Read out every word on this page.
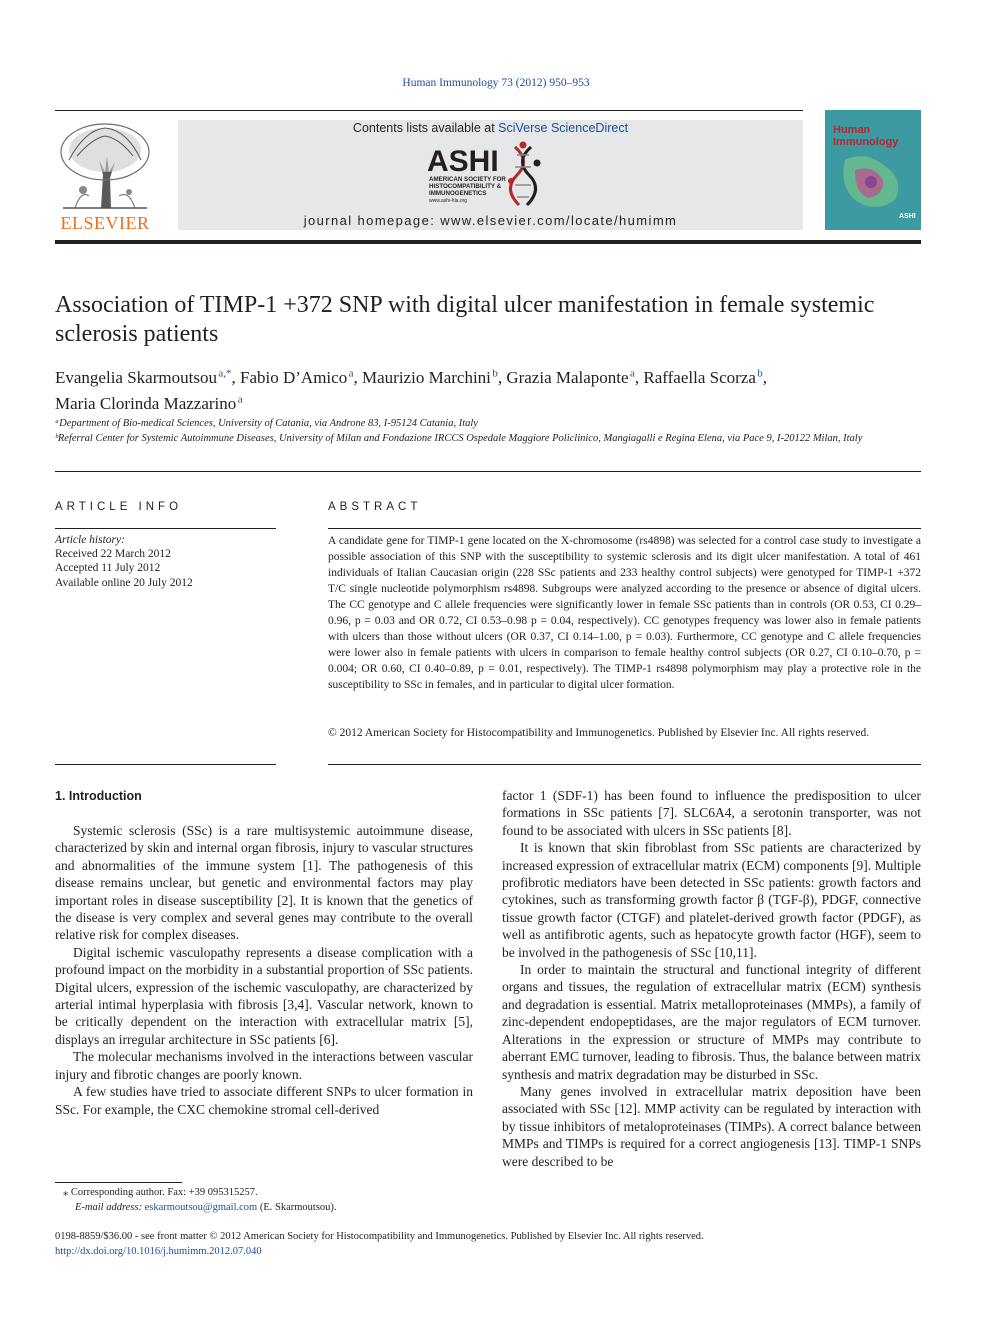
Human Immunology 73 (2012) 950–953
ELSEVIER
Contents lists available at SciVerse ScienceDirect
ASHI
AMERICAN SOCIETY FOR
HISTOCOMPATIBILITY &
IMMUNOGENETICS
www.ashi-hla.org
journal homepage: www.elsevier.com/locate/humimm
Human
Immunology
ASHI
Association of TIMP-1 +372 SNP with digital ulcer manifestation in female systemic sclerosis patients
Evangelia Skarmoutsou $^{a,*}$, Fabio D’Amico $^a$, Maurizio Marchini $^b$, Grazia Malaponte $^a$, Raffaella Scorza $^b$,
Maria Clorinda Mazzarino $^a$
ᵃDepartment of Bio-medical Sciences, University of Catania, via Androne 83, I-95124 Catania, Italy
ᵇReferral Center for Systemic Autoimmune Diseases, University of Milan and Fondazione IRCCS Ospedale Maggiore Policlinico, Mangiagalli e Regina Elena, via Pace 9, I-20122 Milan, Italy
ARTICLE INFO	ABSTRACT
Article history:
Received 22 March 2012
Accepted 11 July 2012
Available online 20 July 2012
A candidate gene for TIMP-1 gene located on the X-chromosome (rs4898) was selected for a control case study to investigate a possible association of this SNP with the susceptibility to systemic sclerosis and its digit ulcer manifestation. A total of 461 individuals of Italian Caucasian origin (228 SSc patients and 233 healthy control subjects) were genotyped for TIMP-1 +372 T/C single nucleotide polymorphism rs4898. Subgroups were analyzed according to the presence or absence of digital ulcers. The CC genotype and C allele frequencies were significantly lower in female SSc patients than in controls (OR 0.53, CI 0.29–0.96, p = 0.03 and OR 0.72, CI 0.53–0.98 p = 0.04, respectively). CC genotypes frequency was lower also in female patients with ulcers than those without ulcers (OR 0.37, CI 0.14–1.00, p = 0.03). Furthermore, CC genotype and C allele frequencies were lower also in female patients with ulcers in comparison to female healthy control subjects (OR 0.27, CI 0.10–0.70, p = 0.004; OR 0.60, CI 0.40–0.89, p = 0.01, respectively). The TIMP-1 rs4898 polymorphism may play a protective role in the susceptibility to SSc in females, and in particular to digital ulcer formation.
© 2012 American Society for Histocompatibility and Immunogenetics. Published by Elsevier Inc. All rights reserved.
1. Introduction

Systemic sclerosis (SSc) is a rare multisystemic autoimmune disease, characterized by skin and internal organ fibrosis, injury to vascular structures and abnormalities of the immune system [1]. The pathogenesis of this disease remains unclear, but genetic and environmental factors may play important roles in disease susceptibility [2]. It is known that the genetics of the disease is very complex and several genes may contribute to the overall relative risk for complex diseases.

Digital ischemic vasculopathy represents a disease complication with a profound impact on the morbidity in a substantial proportion of SSc patients. Digital ulcers, expression of the ischemic vasculopathy, are characterized by arterial intimal hyperplasia with fibrosis [3,4]. Vascular network, known to be critically dependent on the interaction with extracellular matrix [5], displays an irregular architecture in SSc patients [6].

The molecular mechanisms involved in the interactions between vascular injury and fibrotic changes are poorly known.

A few studies have tried to associate different SNPs to ulcer formation in SSc. For example, the CXC chemokine stromal cell-derived

factor 1 (SDF-1) has been found to influence the predisposition to ulcer formations in SSc patients [7]. SLC6A4, a serotonin transporter, was not found to be associated with ulcers in SSc patients [8].

It is known that skin fibroblast from SSc patients are characterized by increased expression of extracellular matrix (ECM) components [9]. Multiple profibrotic mediators have been detected in SSc patients: growth factors and cytokines, such as transforming growth factor β (TGF-β), PDGF, connective tissue growth factor (CTGF) and platelet-derived growth factor (PDGF), as well as antifibrotic agents, such as hepatocyte growth factor (HGF), seem to be involved in the pathogenesis of SSc [10,11].

In order to maintain the structural and functional integrity of different organs and tissues, the regulation of extracellular matrix (ECM) synthesis and degradation is essential. Matrix metalloproteinases (MMPs), a family of zinc-dependent endopeptidases, are the major regulators of ECM turnover. Alterations in the expression or structure of MMPs may contribute to aberrant EMC turnover, leading to fibrosis. Thus, the balance between matrix synthesis and matrix degradation may be disturbed in SSc.

Many genes involved in extracellular matrix deposition have been associated with SSc [12]. MMP activity can be regulated by interaction with by tissue inhibitors of metaloproteinases (TIMPs). A correct balance between MMPs and TIMPs is required for a correct angiogenesis [13]. TIMP-1 SNPs were described to be

⁎ Corresponding author. Fax: +39 095315257.
E-mail address: eskarmoutsou@gmail.com (E. Skarmoutsou).
0198-8859/$36.00 - see front matter © 2012 American Society for Histocompatibility and Immunogenetics. Published by Elsevier Inc. All rights reserved.
http://dx.doi.org/10.1016/j.humimm.2012.07.040
